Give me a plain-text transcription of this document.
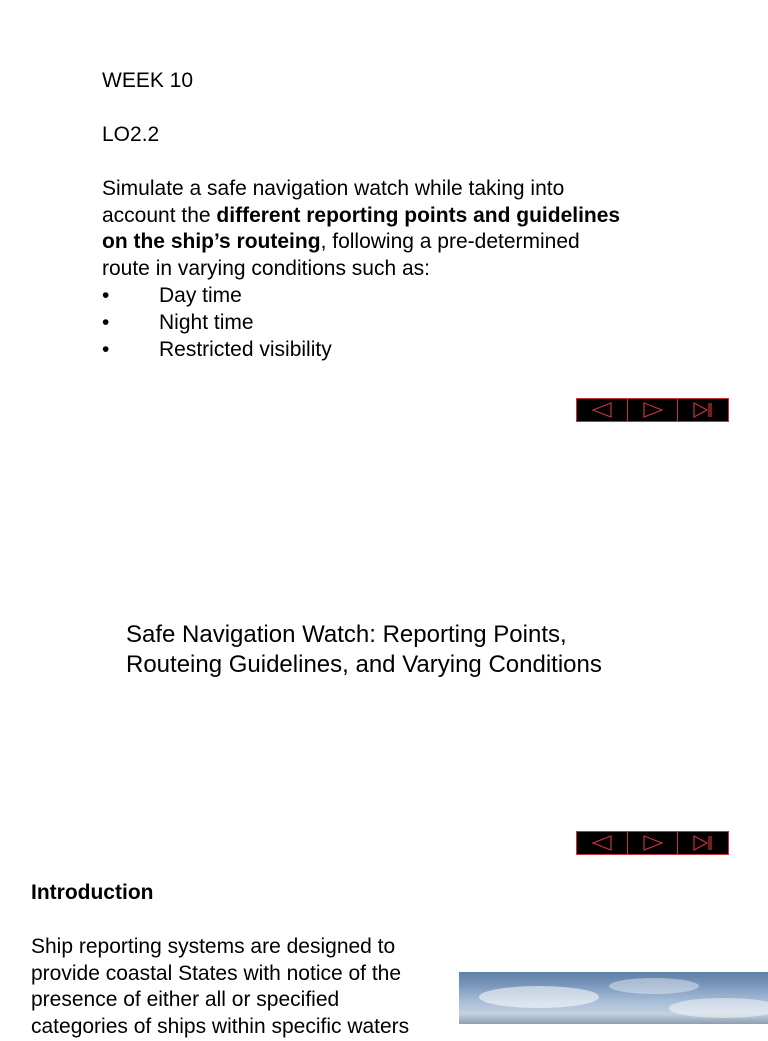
WEEK 10
LO2.2
Simulate a safe navigation watch while taking into
account the different reporting points and guidelines
on the ship’s routeing, following a pre-determined
route in varying conditions such as:
• Day time
• Night time
• Restricted visibility
Safe Navigation Watch: Reporting Points,
Routeing Guidelines, and Varying Conditions
Introduction
Ship reporting systems are designed to
provide coastal States with notice of the
presence of either all or specified
categories of ships within specific waters
